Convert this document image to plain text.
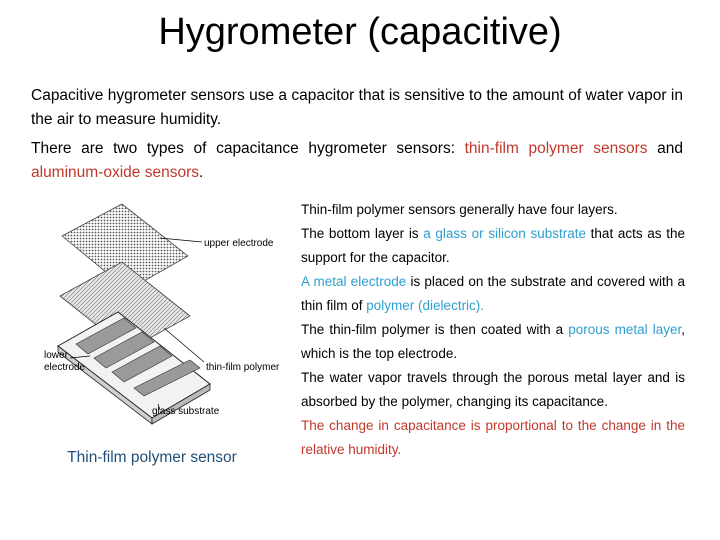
Hygrometer (capacitive)
Capacitive hygrometer sensors use a capacitor that is sensitive to the amount of water vapor in the air to measure humidity.
There are two types of capacitance hygrometer sensors: thin-film polymer sensors and aluminum-oxide sensors.
upper electrode
thin-film polymer
lower
electrode
glass substrate
Thin-film polymer sensor
Thin-film polymer sensors generally have four layers.
The bottom layer is a glass or silicon substrate that acts as the support for the capacitor.
A metal electrode is placed on the substrate and covered with a thin film of polymer (dielectric).
The thin-film polymer is then coated with a porous metal layer, which is the top electrode.
The water vapor travels through the porous metal layer and is absorbed by the polymer, changing its capacitance.
The change in capacitance is proportional to the change in the relative humidity.
